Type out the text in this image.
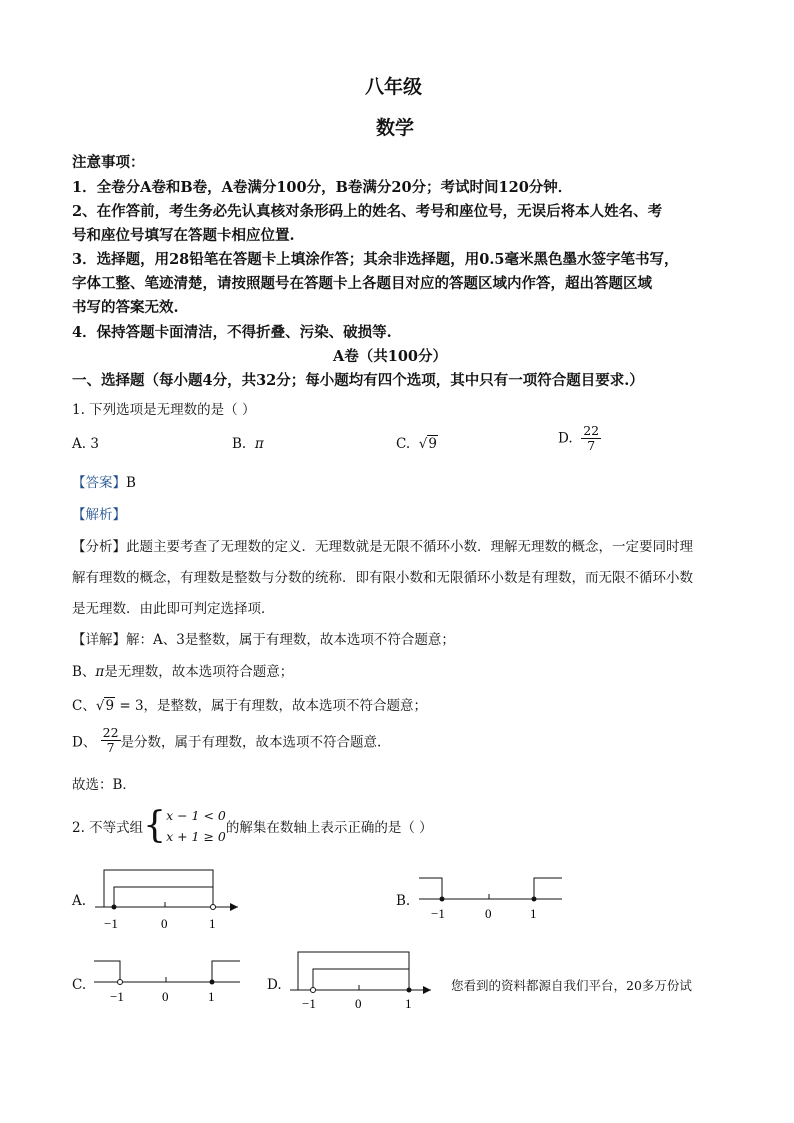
八年级
数学
注意事项：
1．全卷分A卷和B卷，A卷满分100分，B卷满分20分；考试时间120分钟．
2、在作答前，考生务必先认真核对条形码上的姓名、考号和座位号，无误后将本人姓名、考
号和座位号填写在答题卡相应位置.
3．选择题，用28铅笔在答题卡上填涂作答；其余非选择题，用0.5毫米黑色墨水签字笔书写，
字体工整、笔迹清楚，请按照题号在答题卡上各题目对应的答题区域内作答，超出答题区域
书写的答案无效.
4．保持答题卡面清洁，不得折叠、污染、破损等.
A卷（共100分）
一、选择题（每小题4分，共32分；每小题均有四个选项，其中只有一项符合题目要求.）
1. 下列选项是无理数的是（ ）
A. 3	B. π	C. √9	D. $\frac{22}{7}$
【答案】B
【解析】
【分析】此题主要考查了无理数的定义．无理数就是无限不循环小数．理解无理数的概念，一定要同时理
解有理数的概念，有理数是整数与分数的统称．即有限小数和无限循环小数是有理数，而无限不循环小数
是无理数．由此即可判定选择项．
【详解】解：A、3是整数，属于有理数，故本选项不符合题意；
B、π是无理数，故本选项符合题意；
C、√9 = 3，是整数，属于有理数，故本选项不符合题意；
D、 $\frac{22}{7}$ 是分数，属于有理数，故本选项不符合题意.
故选：B．
2. 不等式组{ x − 1 < 0
x + 1 ≥ 0
的解集在数轴上表示正确的是（ ）
A.	B.
C.	D.
−1	0	1
−1	0	1
−1	0	1	−1	0	1
您看到的资料都源自我们平台，20多万份试
